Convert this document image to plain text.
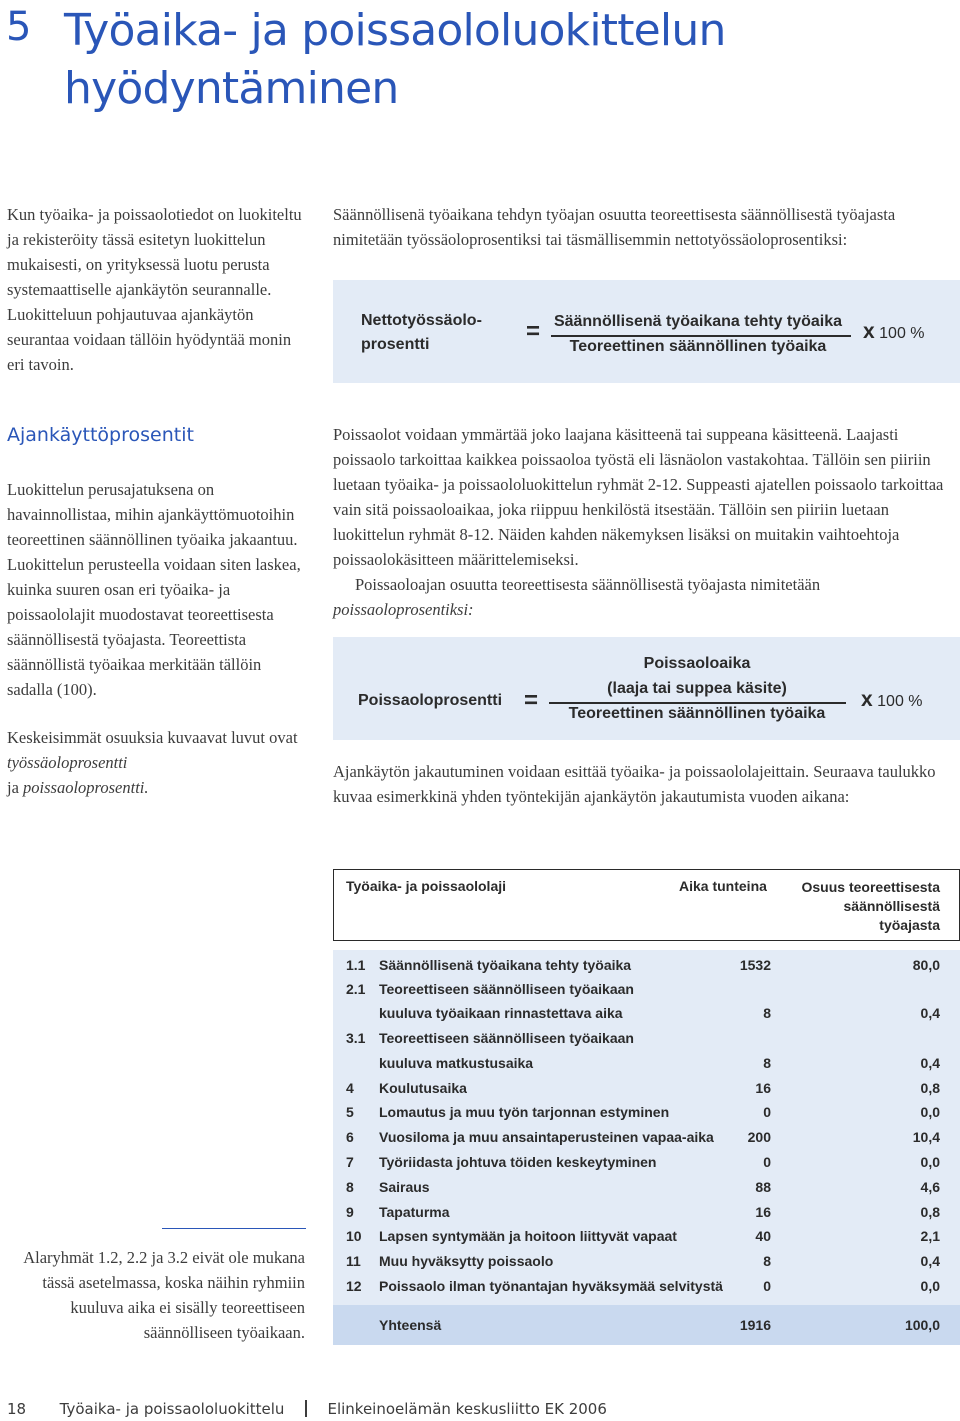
5 Työaika- ja poissaololuokittelun hyödyntäminen

Kun työaika- ja poissaolotiedot on luokiteltu ja rekisteröity tässä esitetyn luokittelun mukaisesti, on yrityksessä luotu perusta systemaattiselle ajankäytön seurannalle. Luokitteluun pohjautuvaa ajankäytön seurantaa voidaan tällöin hyödyntää monin eri tavoin.

Säännöllisenä työaikana tehdyn työajan osuutta teoreettisesta säännöllisestä työajasta nimitetään työssäoloprosentiksi tai täsmällisemmin nettotyössäoloprosentiksi:

Nettotyössäolo-
prosentti	= Säännöllisenä työaikana tehty työaika
Teoreettinen säännöllinen työaika
x 100 %
Ajankäyttöprosentit

Luokittelun perusajatuksena on havainnollistaa, mihin ajankäyttömuotoihin teoreettinen säännöllinen työaika jakaantuu. Luokittelun perusteella voidaan siten laskea, kuinka suuren osan eri työaika- ja poissaololajit muodostavat teoreettisesta säännöllisestä työajasta. Teoreettista säännöllistä työaikaa merkitään tällöin sadalla (100).

Keskeisimmät osuuksia kuvaavat luvut ovat työssäoloprosentti
ja poissaoloprosentti.

Poissaolot voidaan ymmärtää joko laajana käsitteenä tai suppeana käsitteenä. Laajasti poissaolo tarkoittaa kaikkea poissaoloa työstä eli läsnäolon vastakohtaa. Tällöin sen piiriin luetaan työaika- ja poissaololuokittelun ryhmät 2-12. Suppeasti ajatellen poissaolo tarkoittaa vain sitä poissaoloaikaa, joka riippuu henkilöstä itsestään. Tällöin sen piiriin luetaan luokittelun ryhmät 8-12. Näiden kahden näkemyksen lisäksi on muitakin vaihtoehtoja poissaolokäsitteen määrittelemiseksi.

Poissaoloajan osuutta teoreettisesta säännöllisestä työajasta nimitetään poissaoloprosentiksi:

Poissaoloprosentti =
Poissaoloaika
(laaja tai suppea käsite)
Teoreettinen säännöllinen työaika
x 100 %

Ajankäytön jakautuminen voidaan esittää työaika- ja poissaololajeittain. Seuraava taulukko kuvaa esimerkkinä yhden työntekijän ajankäytön jakautumista vuoden aikana:

Alaryhmät 1.2, 2.2 ja 3.2 eivät ole mukana tässä asetelmassa, koska näihin ryhmiin kuuluva aika ei sisälly teoreettiseen säännölliseen työaikaan.

Työaika- ja poissaololaji	Aika tunteina	Osuus teoreettisesta
säännöllisestä
työajasta
1.1 Säännöllisenä työaikana tehty työaika	1532	80,0
2.1 Teoreettiseen säännölliseen työaikaan
kuuluva työaikaan rinnastettava aika	8	0,4
3.1 Teoreettiseen säännölliseen työaikaan
kuuluva matkustusaika	8	0,4
4 Koulutusaika	16	0,8
5 Lomautus ja muu työn tarjonnan estyminen	0	0,0
6 Vuosiloma ja muu ansaintaperusteinen vapaa-aika 200	10,4
7 Työriidasta johtuva töiden keskeytyminen	0	0,0
8 Sairaus	88	4,6
9 Tapaturma	16	0,8
10 Lapsen syntymään ja hoitoon liittyvät vapaat	40	2,1
11 Muu hyväksytty poissaolo	8	0,4
12 Poissaolo ilman työnantajan hyväksymää selvitystä	0	0,0
Yhteensä	1916	100,0
18 Työaika- ja poissaololuokittelu	Elinkeinoelämän keskusliitto EK 2006
